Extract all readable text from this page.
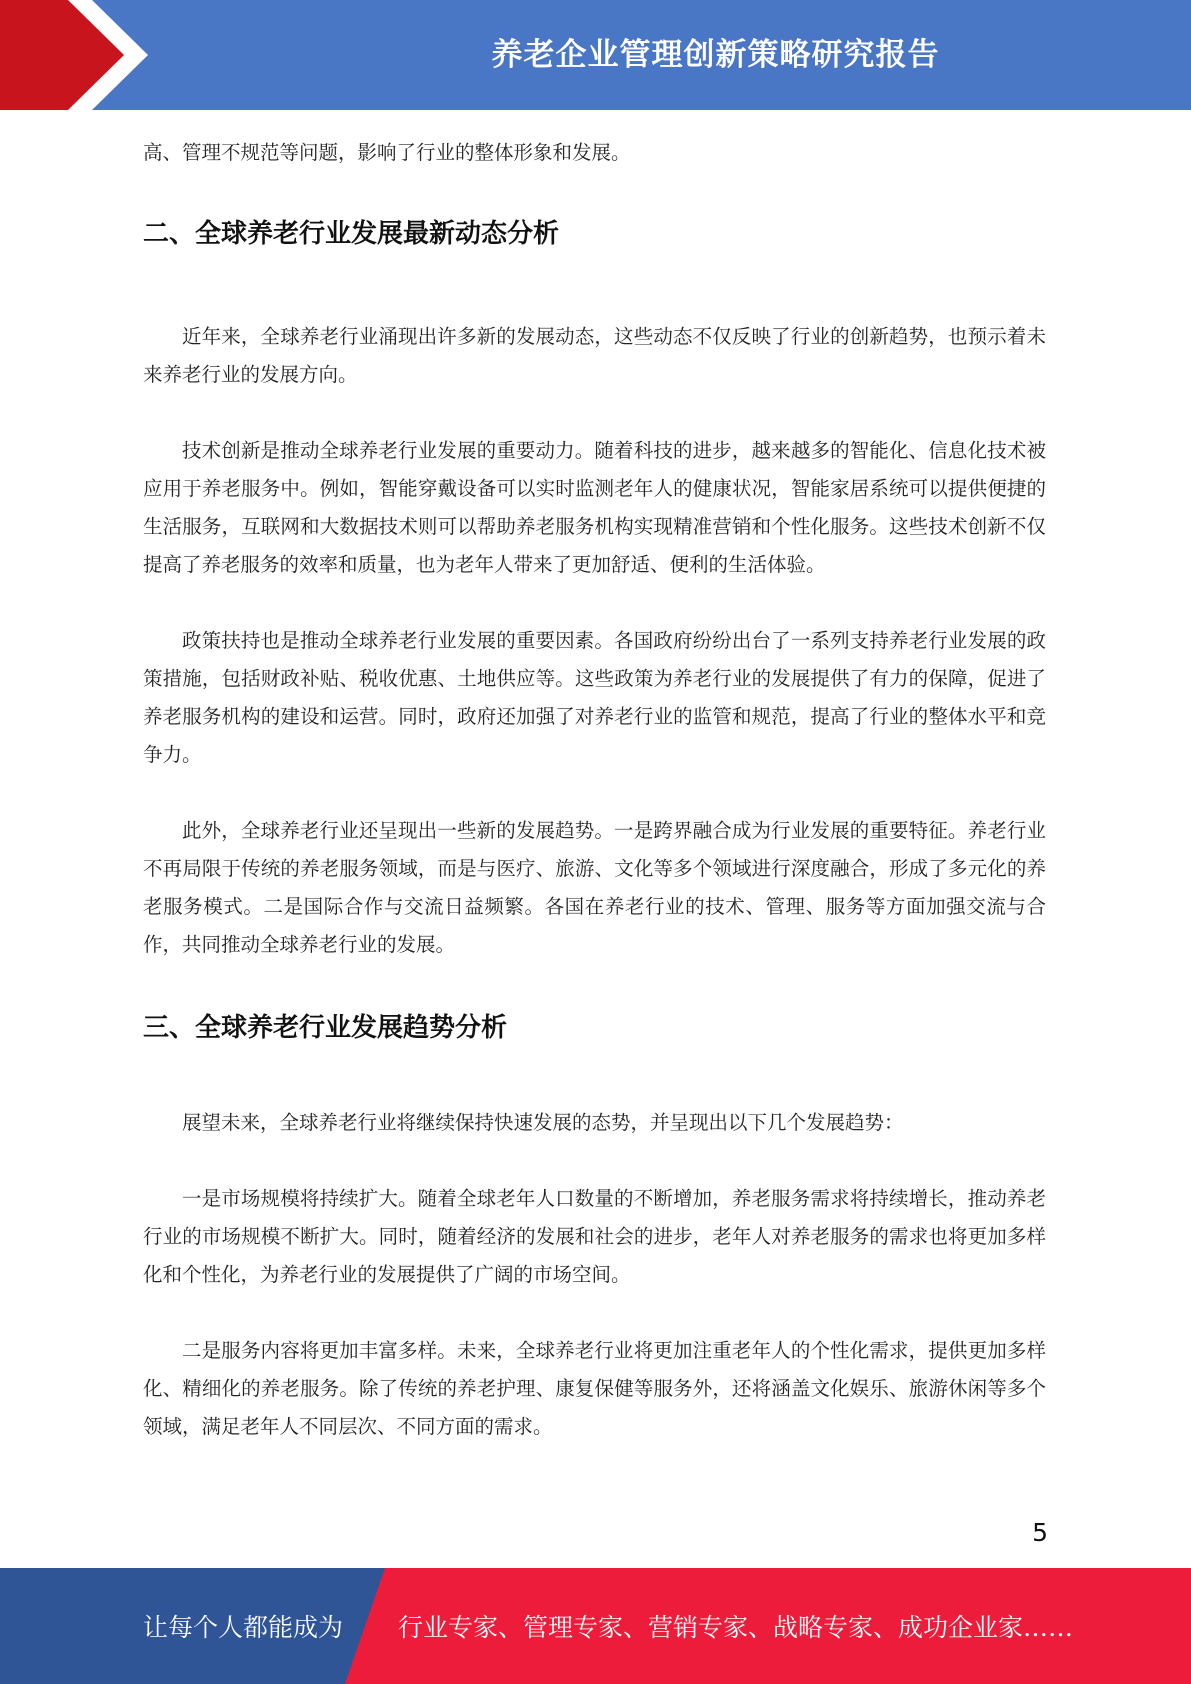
养老企业管理创新策略研究报告

高、管理不规范等问题，影响了行业的整体形象和发展。

二、全球养老行业发展最新动态分析

近年来，全球养老行业涌现出许多新的发展动态，这些动态不仅反映了行业的创新趋势，也预示着未来养老行业的发展方向。

技术创新是推动全球养老行业发展的重要动力。随着科技的进步，越来越多的智能化、信息化技术被应用于养老服务中。例如，智能穿戴设备可以实时监测老年人的健康状况，智能家居系统可以提供便捷的生活服务，互联网和大数据技术则可以帮助养老服务机构实现精准营销和个性化服务。这些技术创新不仅提高了养老服务的效率和质量，也为老年人带来了更加舒适、便利的生活体验。

政策扶持也是推动全球养老行业发展的重要因素。各国政府纷纷出台了一系列支持养老行业发展的政策措施，包括财政补贴、税收优惠、土地供应等。这些政策为养老行业的发展提供了有力的保障，促进了养老服务机构的建设和运营。同时，政府还加强了对养老行业的监管和规范，提高了行业的整体水平和竞争力。

此外，全球养老行业还呈现出一些新的发展趋势。一是跨界融合成为行业发展的重要特征。养老行业不再局限于传统的养老服务领域，而是与医疗、旅游、文化等多个领域进行深度融合，形成了多元化的养老服务模式。二是国际合作与交流日益频繁。各国在养老行业的技术、管理、服务等方面加强交流与合作，共同推动全球养老行业的发展。

三、全球养老行业发展趋势分析

展望未来，全球养老行业将继续保持快速发展的态势，并呈现出以下几个发展趋势：

一是市场规模将持续扩大。随着全球老年人口数量的不断增加，养老服务需求将持续增长，推动养老行业的市场规模不断扩大。同时，随着经济的发展和社会的进步，老年人对养老服务的需求也将更加多样化和个性化，为养老行业的发展提供了广阔的市场空间。

二是服务内容将更加丰富多样。未来，全球养老行业将更加注重老年人的个性化需求，提供更加多样化、精细化的养老服务。除了传统的养老护理、康复保健等服务外，还将涵盖文化娱乐、旅游休闲等多个领域，满足老年人不同层次、不同方面的需求。

5
让每个人都能成为 行业专家、管理专家、营销专家、战略专家、成功企业家……
